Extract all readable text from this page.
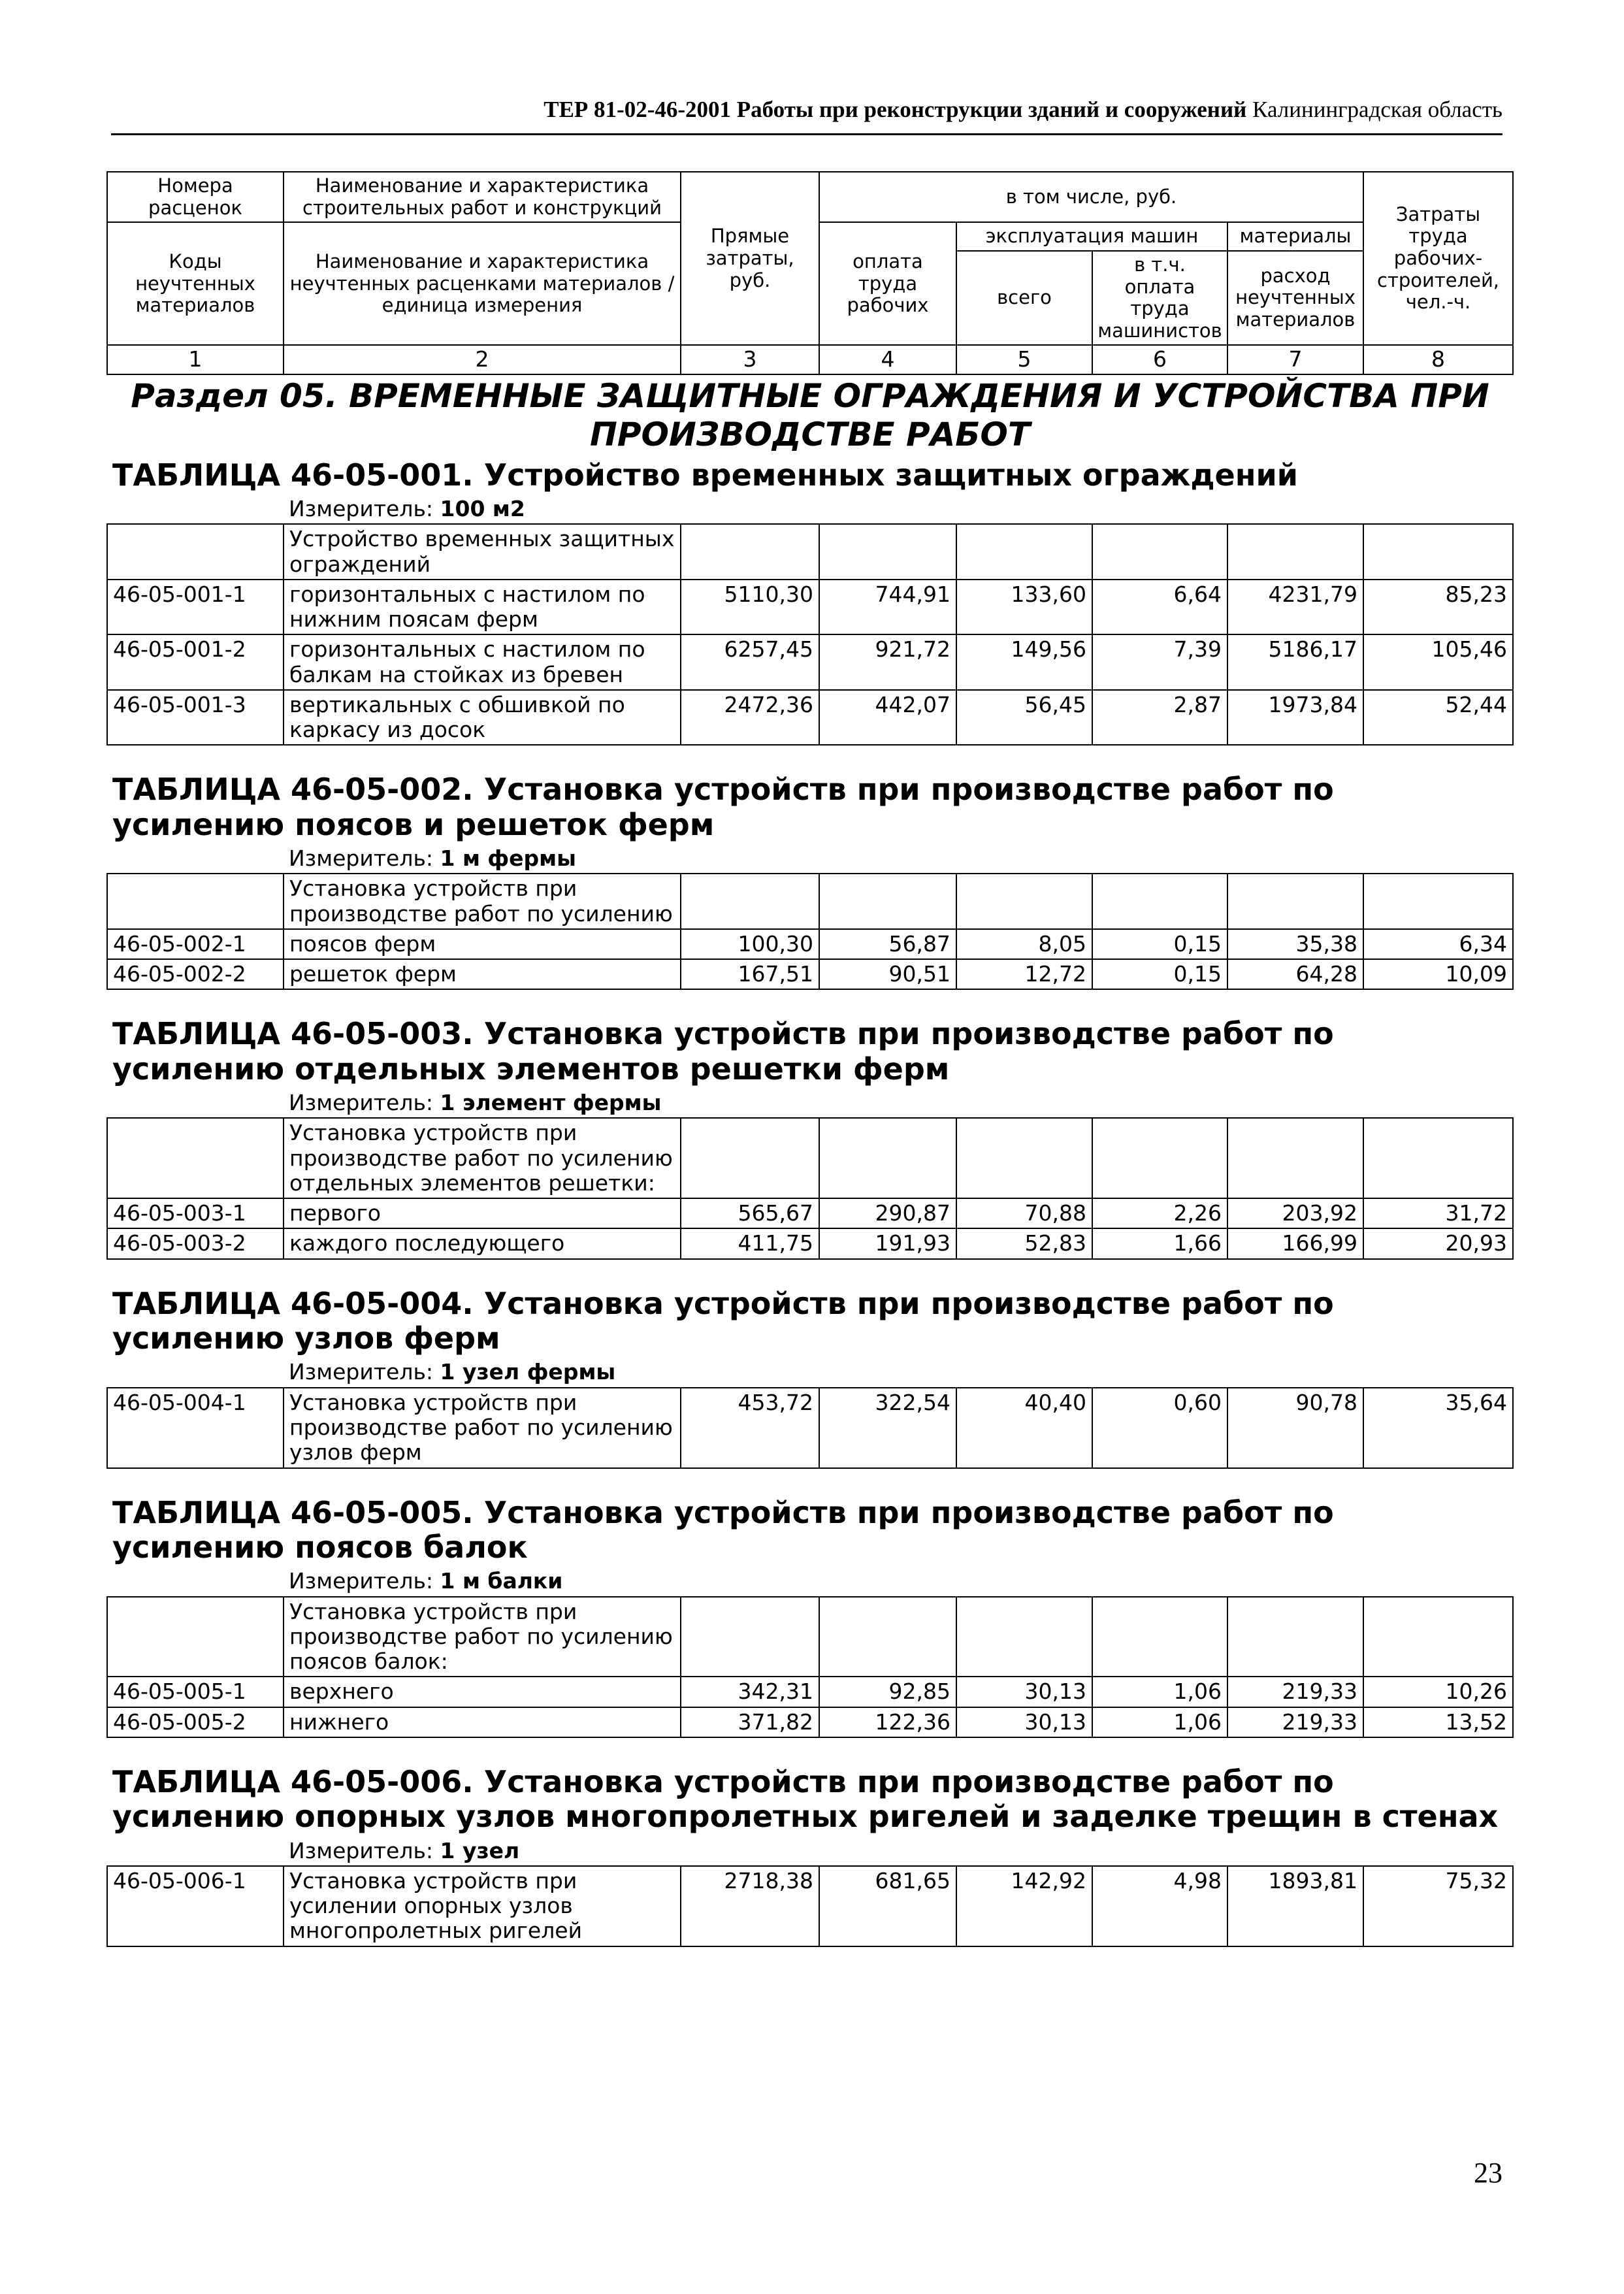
ТЕР 81-02-46-2001 Работы при реконструкции зданий и сооружений Калининградская область
Номера расценок	Наименование и характеристика строительных работ и конструкций	Прямые затраты, руб.	в том числе, руб.				Затраты труда рабочих-строителей, чел.-ч.
Коды неучтенных материалов	Наименование и характеристика неучтенных расценками материалов / единица измерения		оплата труда рабочих	эксплуатация машин		материалы	
				всего	в т.ч. оплата труда машинистов	расход неучтенных материалов	
1	2	3	4	5	6	7	8
Раздел 05. ВРЕМЕННЫЕ ЗАЩИТНЫЕ ОГРАЖДЕНИЯ И УСТРОЙСТВА ПРИ ПРОИЗВОДСТВЕ РАБОТ							
ТАБЛИЦА 46-05-001. Устройство временных защитных ограждений							
	Измеритель: 100 м2						
	Устройство временных защитных ограждений						
46-05-001-1	горизонтальных с настилом по нижним поясам ферм	5110,30	744,91	133,60	6,64	4231,79	85,23
46-05-001-2	горизонтальных с настилом по балкам на стойках из бревен	6257,45	921,72	149,56	7,39	5186,17	105,46
46-05-001-3	вертикальных с обшивкой по каркасу из досок	2472,36	442,07	56,45	2,87	1973,84	52,44

ТАБЛИЦА 46-05-002. Установка устройств при производстве работ по усилению поясов и решеток ферм							
	Измеритель: 1 м фермы						
	Установка устройств при производстве работ по усилению						
46-05-002-1	поясов ферм	100,30	56,87	8,05	0,15	35,38	6,34
46-05-002-2	решеток ферм	167,51	90,51	12,72	0,15	64,28	10,09

ТАБЛИЦА 46-05-003. Установка устройств при производстве работ по усилению отдельных элементов решетки ферм							
	Измеритель: 1 элемент фермы						
	Установка устройств при производстве работ по усилению отдельных элементов решетки:						
46-05-003-1	первого	565,67	290,87	70,88	2,26	203,92	31,72
46-05-003-2	каждого последующего	411,75	191,93	52,83	1,66	166,99	20,93

ТАБЛИЦА 46-05-004. Установка устройств при производстве работ по усилению узлов ферм							
	Измеритель: 1 узел фермы						
46-05-004-1	Установка устройств при производстве работ по усилению узлов ферм	453,72	322,54	40,40	0,60	90,78	35,64

ТАБЛИЦА 46-05-005. Установка устройств при производстве работ по усилению поясов балок							
	Измеритель: 1 м балки						
	Установка устройств при производстве работ по усилению поясов балок:						
46-05-005-1	верхнего	342,31	92,85	30,13	1,06	219,33	10,26
46-05-005-2	нижнего	371,82	122,36	30,13	1,06	219,33	13,52

ТАБЛИЦА 46-05-006. Установка устройств при производстве работ по усилению опорных узлов многопролетных ригелей и заделке трещин в стенах							
	Измеритель: 1 узел						
46-05-006-1	Установка устройств при усилении опорных узлов многопролетных ригелей	2718,38	681,65	142,92	4,98	1893,81	75,32
23
